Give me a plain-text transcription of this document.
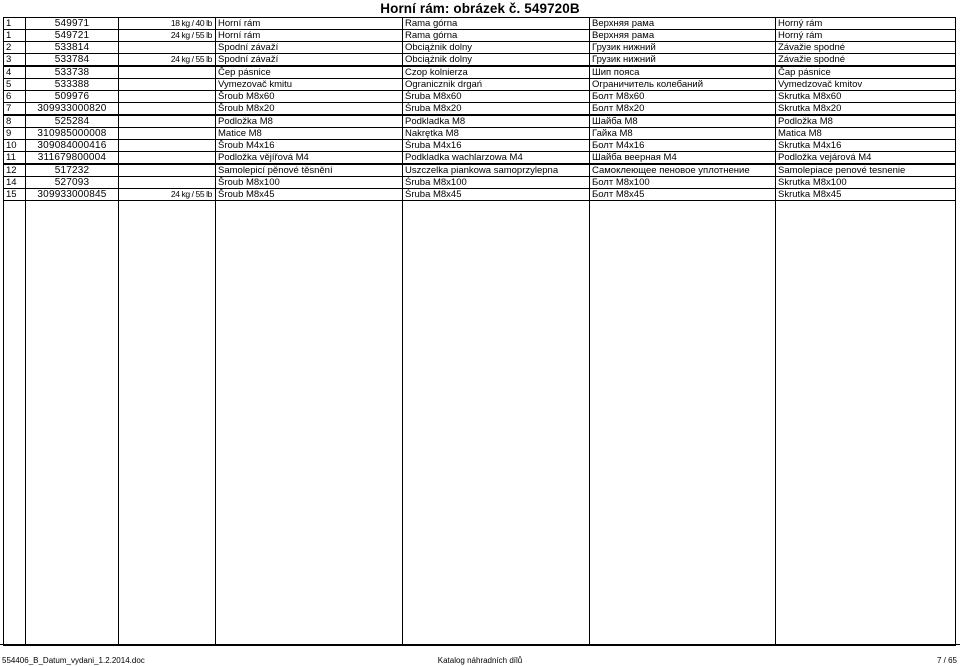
Horní rám: obrázek č. 549720B
1	549971	18 kg / 40 lb	Horní rám	Rama górna	Верхняя рама	Horný rám
1	549721	24 kg / 55 lb	Horní rám	Rama górna	Верхняя рама	Horný rám
2	533814		Spodní závaží	Obciążnik dolny	Грузик нижний	Závažie spodné
3	533784	24 kg / 55 lb	Spodní závaží	Obciążnik dolny	Грузик нижний	Závažie spodné
4	533738		Čep pásnice	Czop kolnierza	Шип пояса	Čap pásnice
5	533388		Vymezovač kmitu	Ogranicznik drgań	Ограничитель колебаний	Vymedzovač kmitov
6	509976		Šroub M8x60	Śruba M8x60	Болт M8x60	Skrutka M8x60
7	309933000820		Šroub M8x20	Śruba M8x20	Болт M8x20	Skrutka M8x20
8	525284		Podložka M8	Podkladka M8	Шайба M8	Podložka M8
9	310985000008		Matice M8	Nakrętka M8	Гайка M8	Matica M8
10	309084000416		Šroub M4x16	Śruba M4x16	Болт M4x16	Skrutka M4x16
11	311679800004		Podložka vějířová M4	Podkladka wachlarzowa M4	Шайба веерная M4	Podložka vejárová M4
12	517232		Samolepicí pěnové těsnění	Uszczelka piankowa samoprzylepna	Самоклеющее пеновое уплотнение	Samolepiace penové tesnenie
14	527093		Šroub M8x100	Śruba M8x100	Болт M8x100	Skrutka M8x100
15	309933000845	24 kg / 55 lb	Šroub M8x45	Śruba M8x45	Болт M8x45	Skrutka M8x45

554406_B_Datum_vydani_1.2.2014.doc	Katalog náhradních dílů	7 / 65
